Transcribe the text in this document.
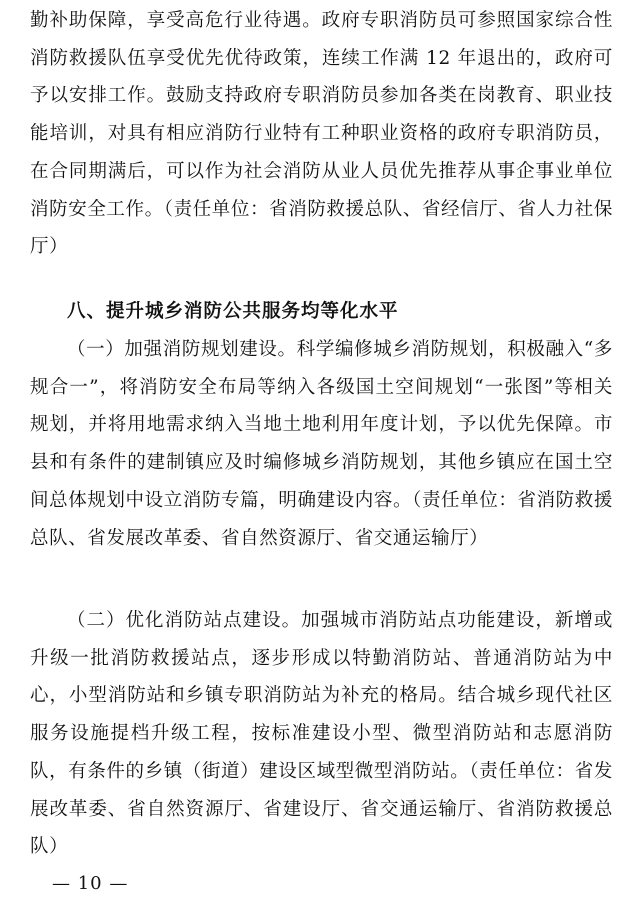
勤补助保障，享受高危行业待遇。政府专职消防员可参照国家综合性消防救援队伍享受优先优待政策，连续工作满 12 年退出的，政府可予以安排工作。鼓励支持政府专职消防员参加各类在岗教育、职业技能培训，对具有相应消防行业特有工种职业资格的政府专职消防员，在合同期满后，可以作为社会消防从业人员优先推荐从事企事业单位消防安全工作。（责任单位：省消防救援总队、省经信厅、省人力社保厅）

八、提升城乡消防公共服务均等化水平

（一）加强消防规划建设。科学编修城乡消防规划，积极融入“多规合一”，将消防安全布局等纳入各级国土空间规划“一张图”等相关规划，并将用地需求纳入当地土地利用年度计划，予以优先保障。市县和有条件的建制镇应及时编修城乡消防规划，其他乡镇应在国土空间总体规划中设立消防专篇，明确建设内容。（责任单位：省消防救援总队、省发展改革委、省自然资源厅、省交通运输厅）

（二）优化消防站点建设。加强城市消防站点功能建设，新增或升级一批消防救援站点，逐步形成以特勤消防站、普通消防站为中心，小型消防站和乡镇专职消防站为补充的格局。结合城乡现代社区服务设施提档升级工程，按标准建设小型、微型消防站和志愿消防队，有条件的乡镇（街道）建设区域型微型消防站。（责任单位：省发展改革委、省自然资源厅、省建设厅、省交通运输厅、省消防救援总队）

— 10 —
